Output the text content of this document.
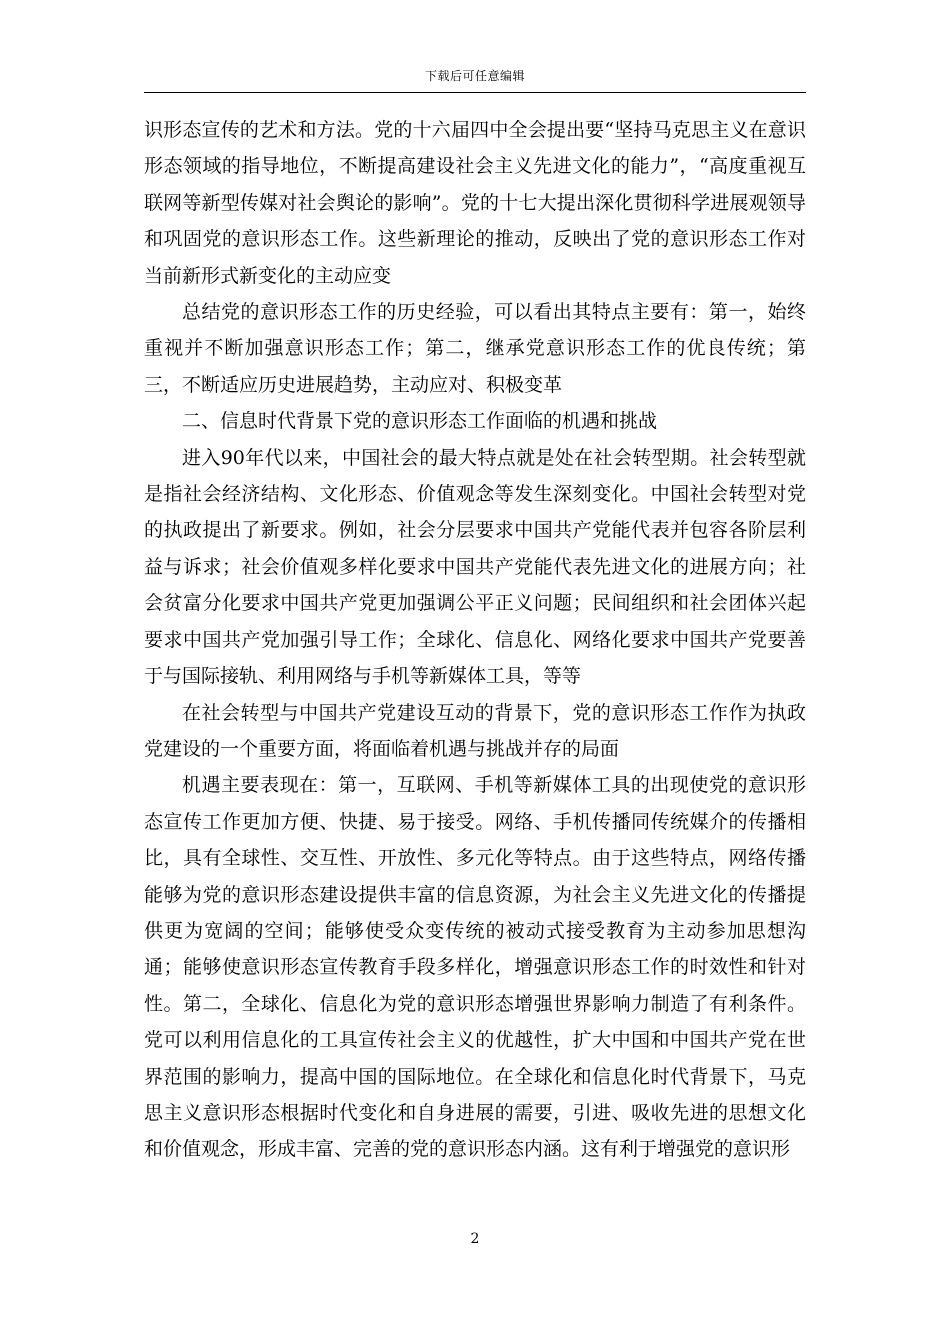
下载后可任意编辑

识形态宣传的艺术和方法。党的十六届四中全会提出要“坚持马克思主义在意识形态领域的指导地位，不断提高建设社会主义先进文化的能力”，“高度重视互联网等新型传媒对社会舆论的影响”。党的十七大提出深化贯彻科学进展观领导和巩固党的意识形态工作。这些新理论的推动，反映出了党的意识形态工作对当前新形式新变化的主动应变

总结党的意识形态工作的历史经验，可以看出其特点主要有：第一，始终重视并不断加强意识形态工作；第二，继承党意识形态工作的优良传统；第三，不断适应历史进展趋势，主动应对、积极变革

二、信息时代背景下党的意识形态工作面临的机遇和挑战

进入90年代以来，中国社会的最大特点就是处在社会转型期。社会转型就是指社会经济结构、文化形态、价值观念等发生深刻变化。中国社会转型对党的执政提出了新要求。例如，社会分层要求中国共产党能代表并包容各阶层利益与诉求；社会价值观多样化要求中国共产党能代表先进文化的进展方向；社会贫富分化要求中国共产党更加强调公平正义问题；民间组织和社会团体兴起要求中国共产党加强引导工作；全球化、信息化、网络化要求中国共产党要善于与国际接轨、利用网络与手机等新媒体工具，等等

在社会转型与中国共产党建设互动的背景下，党的意识形态工作作为执政党建设的一个重要方面，将面临着机遇与挑战并存的局面

机遇主要表现在：第一，互联网、手机等新媒体工具的出现使党的意识形态宣传工作更加方便、快捷、易于接受。网络、手机传播同传统媒介的传播相比，具有全球性、交互性、开放性、多元化等特点。由于这些特点，网络传播能够为党的意识形态建设提供丰富的信息资源，为社会主义先进文化的传播提供更为宽阔的空间；能够使受众变传统的被动式接受教育为主动参加思想沟通；能够使意识形态宣传教育手段多样化，增强意识形态工作的时效性和针对性。第二，全球化、信息化为党的意识形态增强世界影响力制造了有利条件。党可以利用信息化的工具宣传社会主义的优越性，扩大中国和中国共产党在世界范围的影响力，提高中国的国际地位。在全球化和信息化时代背景下，马克思主义意识形态根据时代变化和自身进展的需要，引进、吸收先进的思想文化和价值观念，形成丰富、完善的党的意识形态内涵。这有利于增强党的意识形

2
